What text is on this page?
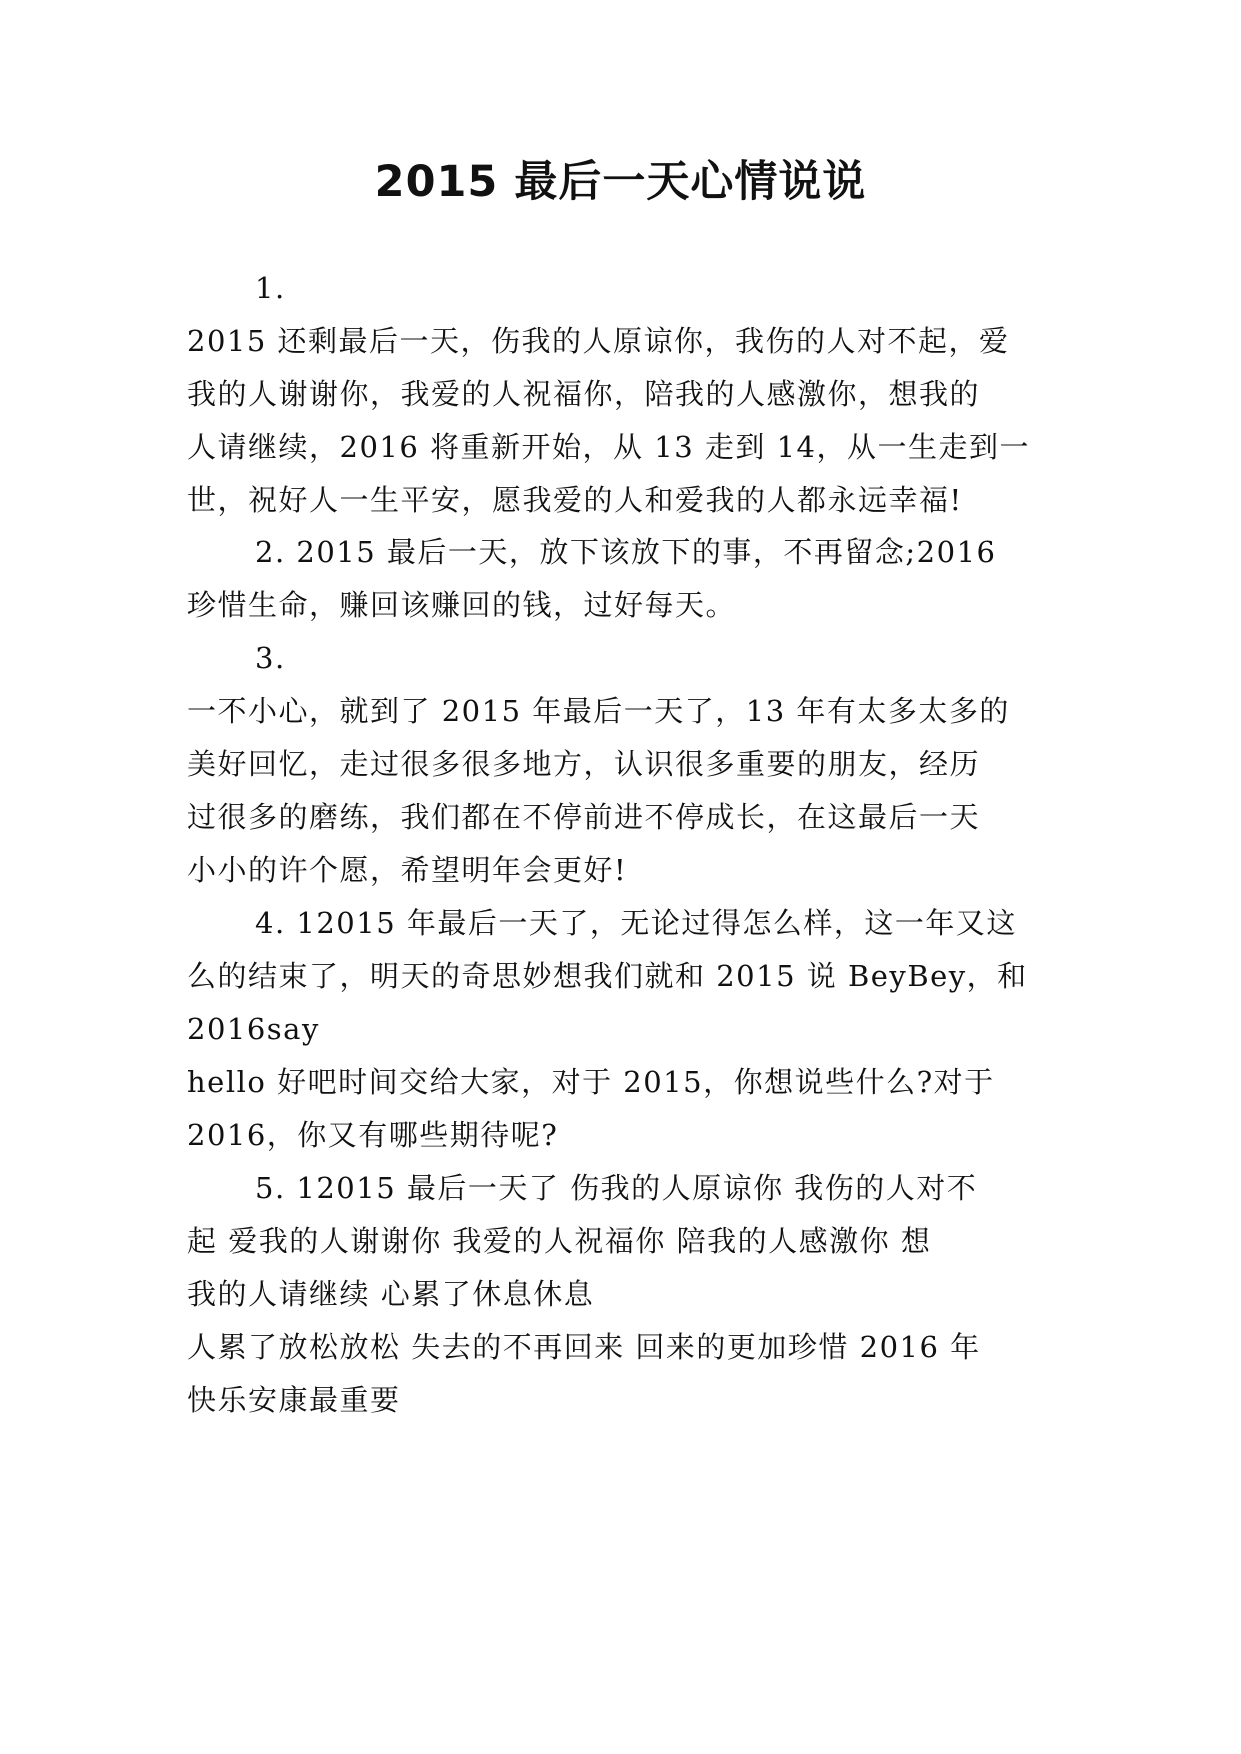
2015 最后一天心情说说
1.
2015 还剩最后一天，伤我的人原谅你，我伤的人对不起，爱
我的人谢谢你，我爱的人祝福你，陪我的人感激你，想我的
人请继续，2016 将重新开始，从 13 走到 14，从一生走到一
世，祝好人一生平安，愿我爱的人和爱我的人都永远幸福!
2. 2015 最后一天，放下该放下的事，不再留念;2016
珍惜生命，赚回该赚回的钱，过好每天。
3.
一不小心，就到了 2015 年最后一天了，13 年有太多太多的
美好回忆，走过很多很多地方，认识很多重要的朋友，经历
过很多的磨练，我们都在不停前进不停成长，在这最后一天
小小的许个愿，希望明年会更好!
4. 12015 年最后一天了，无论过得怎么样，这一年又这
么的结束了，明天的奇思妙想我们就和 2015 说 BeyBey，和
2016say
hello 好吧时间交给大家，对于 2015，你想说些什么?对于
2016，你又有哪些期待呢?
5. 12015 最后一天了 伤我的人原谅你 我伤的人对不
起 爱我的人谢谢你 我爱的人祝福你 陪我的人感激你 想
我的人请继续 心累了休息休息
人累了放松放松 失去的不再回来 回来的更加珍惜 2016 年
快乐安康最重要
